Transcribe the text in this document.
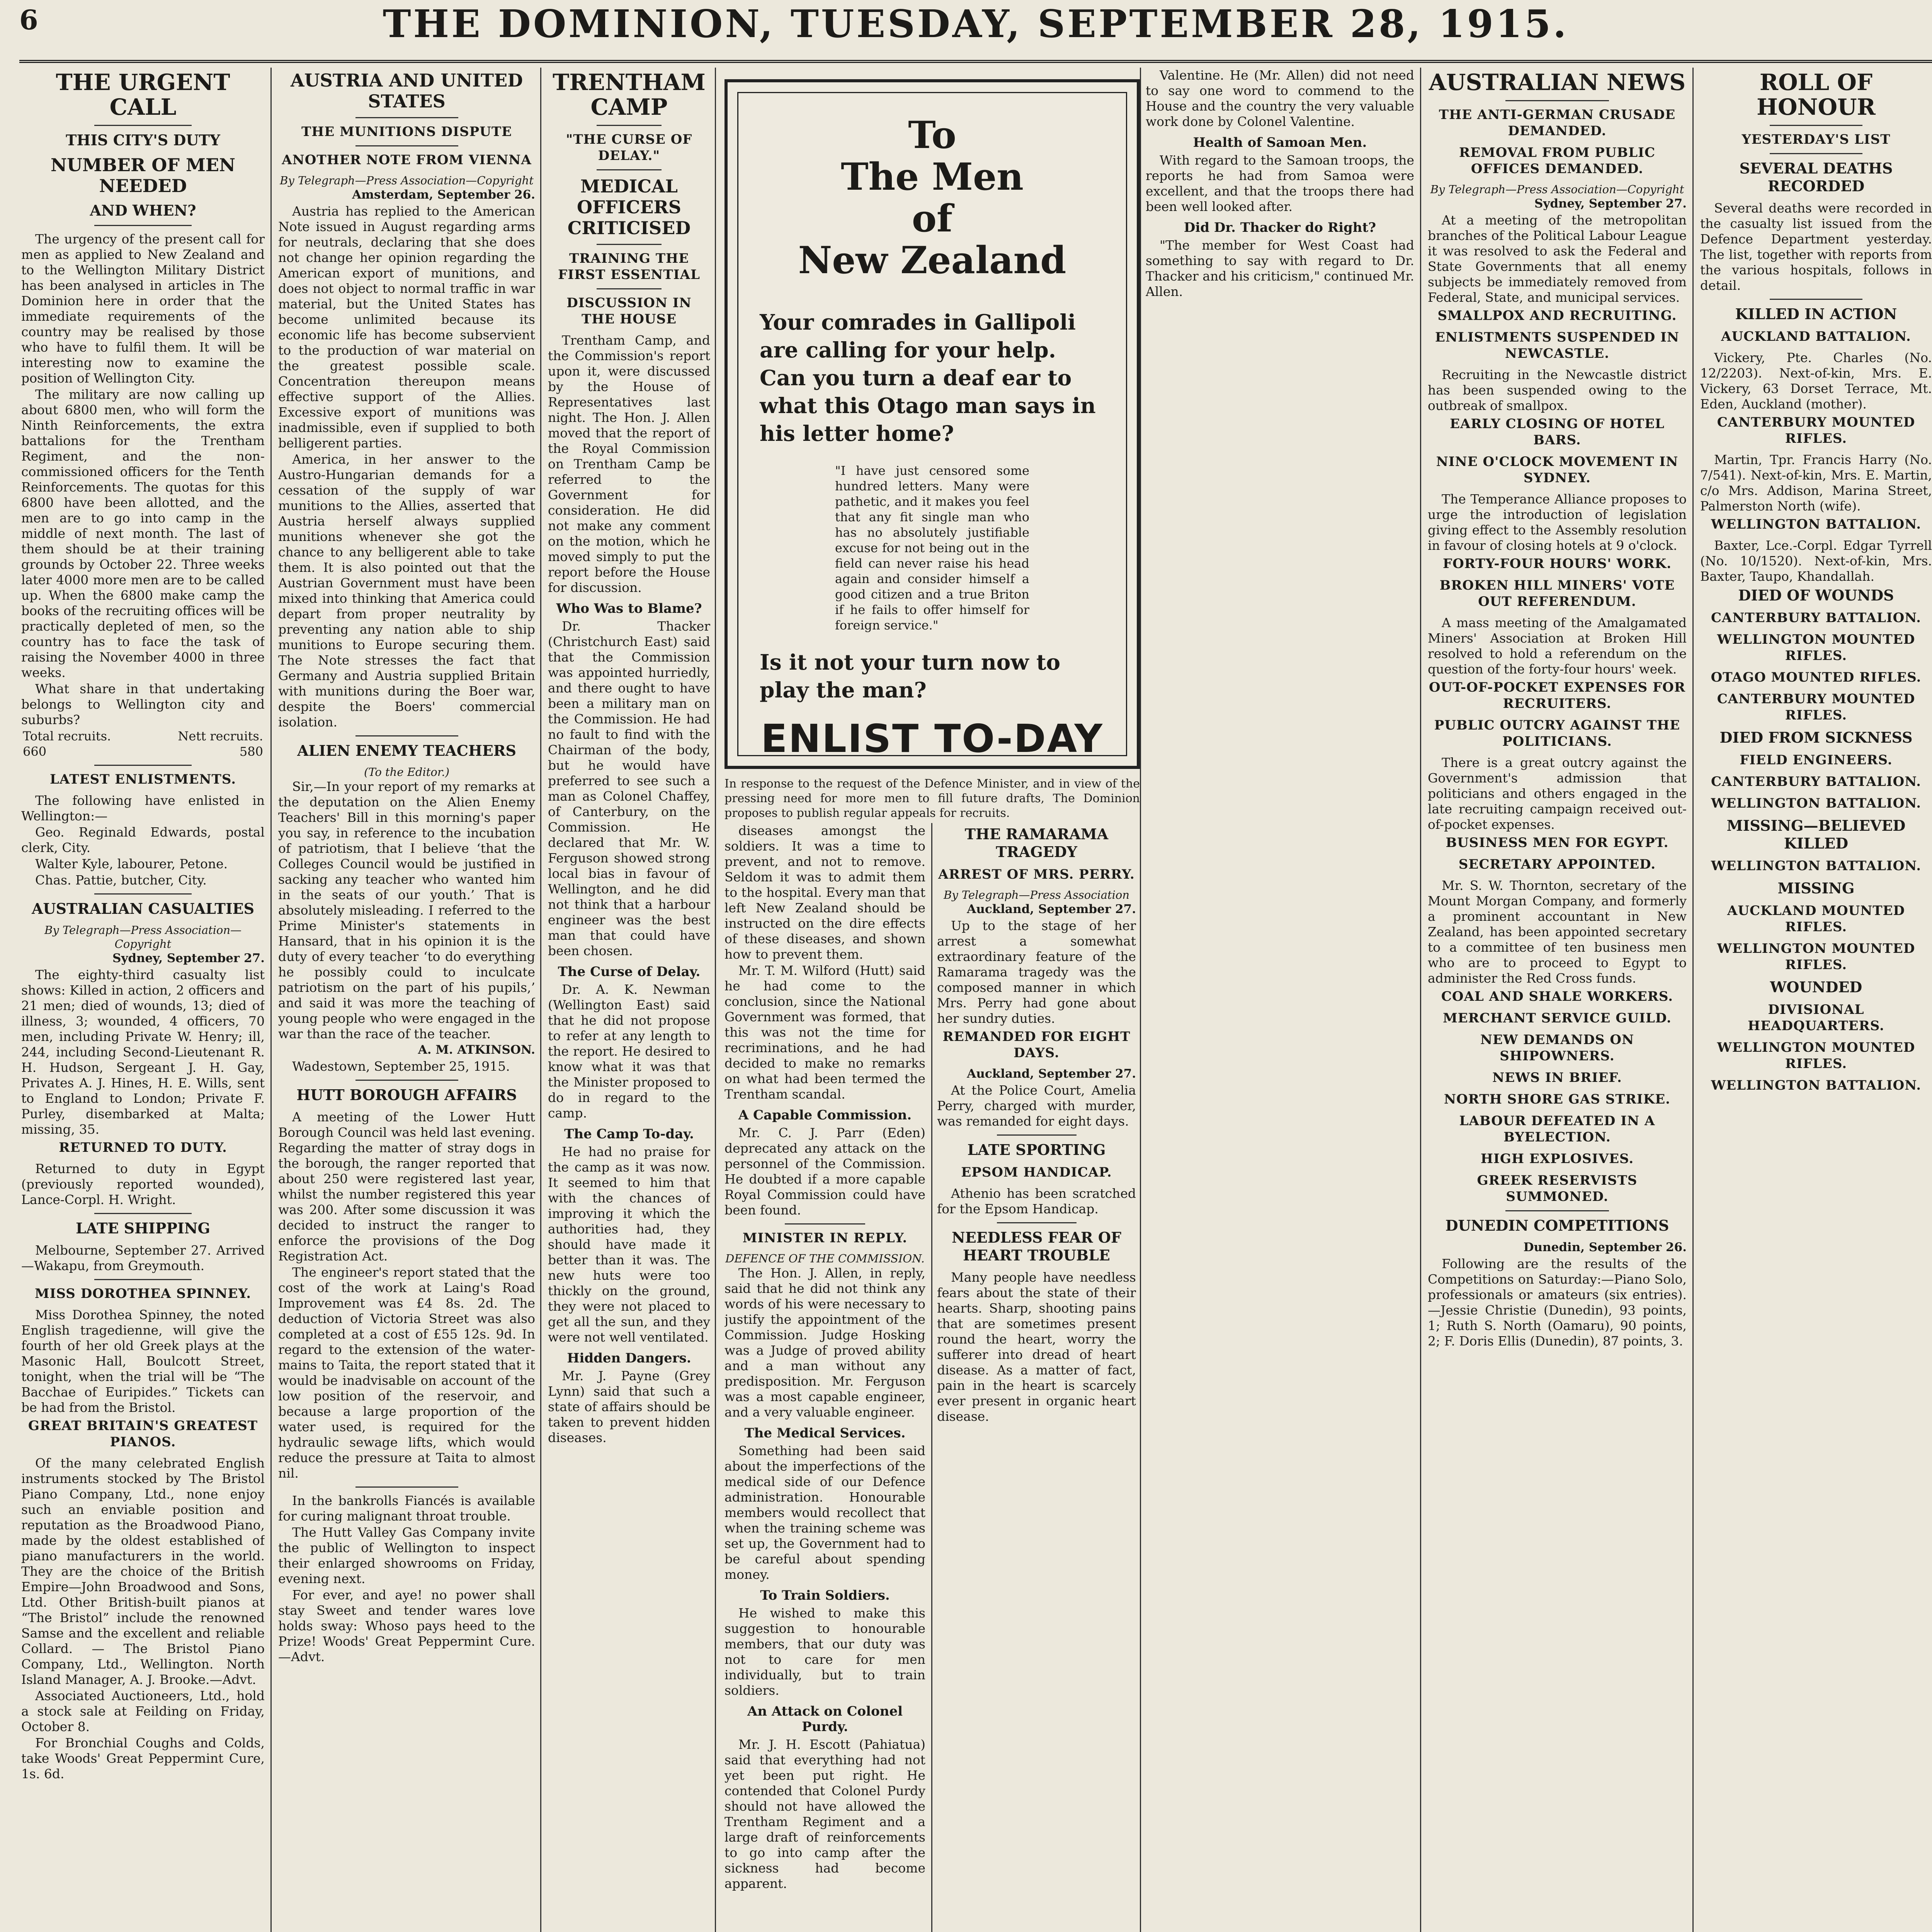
6	THE DOMINION, TUESDAY, SEPTEMBER 28, 1915.
THE URGENT CALL
THIS CITY'S DUTY
NUMBER OF MEN NEEDED
AND WHEN?

The urgency of the present call for men as applied to New Zealand and to the Wellington Military District has been analysed in articles in The Dominion here in order that the immediate requirements of the country may be realised by those who have to fulfil them. It will be interesting now to examine the position of Wellington City.

The military are now calling up about 6800 men, who will form the Ninth Reinforcements, the extra battalions for the Trentham Regiment, and the non-commissioned officers for the Tenth Reinforcements. The quotas for this 6800 have been allotted, and the men are to go into camp in the middle of next month. The last of them should be at their training grounds by October 22. Three weeks later 4000 more men are to be called up. When the 6800 make camp the books of the recruiting offices will be practically depleted of men, so the country has to face the task of raising the November 4000 in three weeks.

What share in that undertaking belongs to Wellington city and suburbs?

Total recruits.	Nett recruits.
660	580
LATEST ENLISTMENTS.

The following have enlisted in Wellington:—

Geo. Reginald Edwards, postal clerk, City.

Walter Kyle, labourer, Petone.

Chas. Pattie, butcher, City.

AUSTRALIAN CASUALTIES
By Telegraph—Press Association—Copyright
Sydney, September 27.

The eighty-third casualty list shows: Killed in action, 2 officers and 21 men; died of wounds, 13; died of illness, 3; wounded, 4 officers, 70 men, including Private W. Henry; ill, 244, including Second-Lieutenant R. H. Hudson, Sergeant J. H. Gay, Privates A. J. Hines, H. E. Wills, sent to England to London; Private F. Purley, disembarked at Malta; missing, 35.

RETURNED TO DUTY.

Returned to duty in Egypt (previously reported wounded), Lance-Corpl. H. Wright.

LATE SHIPPING

Melbourne, September 27. Arrived—Wakapu, from Greymouth.

MISS DOROTHEA SPINNEY.

Miss Dorothea Spinney, the noted English tragedienne, will give the fourth of her old Greek plays at the Masonic Hall, Boulcott Street, tonight, when the trial will be “The Bacchae of Euripides.” Tickets can be had from the Bristol.

GREAT BRITAIN'S GREATEST PIANOS.

Of the many celebrated English instruments stocked by The Bristol Piano Company, Ltd., none enjoy such an enviable position and reputation as the Broadwood Piano, made by the oldest established of piano manufacturers in the world. They are the choice of the British Empire—John Broadwood and Sons, Ltd. Other British-built pianos at “The Bristol” include the renowned Samse and the excellent and reliable Collard. — The Bristol Piano Company, Ltd., Wellington. North Island Manager, A. J. Brooke.—Advt.

Associated Auctioneers, Ltd., hold a stock sale at Feilding on Friday, October 8.

For Bronchial Coughs and Colds, take Woods' Great Peppermint Cure, 1s. 6d.

AUSTRIA AND UNITED STATES
THE MUNITIONS DISPUTE
ANOTHER NOTE FROM VIENNA
By Telegraph—Press Association—Copyright
Amsterdam, September 26.

Austria has replied to the American Note issued in August regarding arms for neutrals, declaring that she does not change her opinion regarding the American export of munitions, and does not object to normal traffic in war material, but the United States has become unlimited because its economic life has become subservient to the production of war material on the greatest possible scale. Concentration thereupon means effective support of the Allies. Excessive export of munitions was inadmissible, even if supplied to both belligerent parties.

America, in her answer to the Austro-Hungarian demands for a cessation of the supply of war munitions to the Allies, asserted that Austria herself always supplied munitions whenever she got the chance to any belligerent able to take them. It is also pointed out that the Austrian Government must have been mixed into thinking that America could depart from proper neutrality by preventing any nation able to ship munitions to Europe securing them. The Note stresses the fact that Germany and Austria supplied Britain with munitions during the Boer war, despite the Boers' commercial isolation.

ALIEN ENEMY TEACHERS
(To the Editor.)

Sir,—In your report of my remarks at the deputation on the Alien Enemy Teachers' Bill in this morning's paper you say, in reference to the incubation of patriotism, that I believe ‘that the Colleges Council would be justified in sacking any teacher who wanted him in the seats of our youth.’ That is absolutely misleading. I referred to the Prime Minister's statements in Hansard, that in his opinion it is the duty of every teacher ‘to do everything he possibly could to inculcate patriotism on the part of his pupils,’ and said it was more the teaching of young people who were engaged in the war than the race of the teacher.

A. M. ATKINSON.

Wadestown, September 25, 1915.

HUTT BOROUGH AFFAIRS

A meeting of the Lower Hutt Borough Council was held last evening. Regarding the matter of stray dogs in the borough, the ranger reported that about 250 were registered last year, whilst the number registered this year was 200. After some discussion it was decided to instruct the ranger to enforce the provisions of the Dog Registration Act.

The engineer's report stated that the cost of the work at Laing's Road Improvement was £4 8s. 2d. The deduction of Victoria Street was also completed at a cost of £55 12s. 9d. In regard to the extension of the water-mains to Taita, the report stated that it would be inadvisable on account of the low position of the reservoir, and because a large proportion of the water used, is required for the hydraulic sewage lifts, which would reduce the pressure at Taita to almost nil.

In the bankrolls Fiancés is available for curing malignant throat trouble.

The Hutt Valley Gas Company invite the public of Wellington to inspect their enlarged showrooms on Friday, evening next.

For ever, and aye! no power shall stay Sweet and tender wares love holds sway: Whoso pays heed to the Prize! Woods' Great Peppermint Cure.—Advt.

TRENTHAM CAMP
"THE CURSE OF DELAY."
MEDICAL OFFICERS CRITICISED
TRAINING THE FIRST ESSENTIAL
DISCUSSION IN THE HOUSE

Trentham Camp, and the Commission's report upon it, were discussed by the House of Representatives last night. The Hon. J. Allen moved that the report of the Royal Commission on Trentham Camp be referred to the Government for consideration. He did not make any comment on the motion, which he moved simply to put the report before the House for discussion.

Who Was to Blame?

Dr. Thacker (Christchurch East) said that the Commission was appointed hurriedly, and there ought to have been a military man on the Commission. He had no fault to find with the Chairman of the body, but he would have preferred to see such a man as Colonel Chaffey, of Canterbury, on the Commission. He declared that Mr. W. Ferguson showed strong local bias in favour of Wellington, and he did not think that a harbour engineer was the best man that could have been chosen.

The Curse of Delay.

Dr. A. K. Newman (Wellington East) said that he did not propose to refer at any length to the report. He desired to know what it was that the Minister proposed to do in regard to the camp.

The Camp To-day.

He had no praise for the camp as it was now. It seemed to him that with the chances of improving it which the authorities had, they should have made it better than it was. The new huts were too thickly on the ground, they were not placed to get all the sun, and they were not well ventilated.

Hidden Dangers.

Mr. J. Payne (Grey Lynn) said that such a state of affairs should be taken to prevent hidden diseases.

To
The Men
of
New Zealand
Your comrades in Gallipoli are calling for your help. Can you turn a deaf ear to what this Otago man says in his letter home?
"I have just censored some hundred letters. Many were pathetic, and it makes you feel that any fit single man who has no absolutely justifiable excuse for not being out in the field can never raise his head again and consider himself a good citizen and a true Briton if he fails to offer himself for foreign service."
Is it not your turn now to play the man?
ENLIST TO-DAY
In response to the request of the Defence Minister, and in view of the pressing need for more men to fill future drafts, The Dominion proposes to publish regular appeals for recruits.

diseases amongst the soldiers. It was a time to prevent, and not to remove. Seldom it was to admit them to the hospital. Every man that left New Zealand should be instructed on the dire effects of these diseases, and shown how to prevent them.

Mr. T. M. Wilford (Hutt) said he had come to the conclusion, since the National Government was formed, that this was not the time for recriminations, and he had decided to make no remarks on what had been termed the Trentham scandal.

A Capable Commission.

Mr. C. J. Parr (Eden) deprecated any attack on the personnel of the Commission. He doubted if a more capable Royal Commission could have been found.

MINISTER IN REPLY.
DEFENCE OF THE COMMISSION.

The Hon. J. Allen, in reply, said that he did not think any words of his were necessary to justify the appointment of the Commission. Judge Hosking was a Judge of proved ability and a man without any predisposition. Mr. Ferguson was a most capable engineer, and a very valuable engineer.

The Medical Services.

Something had been said about the imperfections of the medical side of our Defence administration. Honourable members would recollect that when the training scheme was set up, the Government had to be careful about spending money.

To Train Soldiers.

He wished to make this suggestion to honourable members, that our duty was not to care for men individually, but to train soldiers.

An Attack on Colonel Purdy.

Mr. J. H. Escott (Pahiatua) said that everything had not yet been put right. He contended that Colonel Purdy should not have allowed the Trentham Regiment and a large draft of reinforcements to go into camp after the sickness had become apparent.

Valentine. He (Mr. Allen) did not need to say one word to commend to the House and the country the very valuable work done by Colonel Valentine.

Health of Samoan Men.

With regard to the Samoan troops, the reports he had from Samoa were excellent, and that the troops there had been well looked after.

Did Dr. Thacker do Right?

"The member for West Coast had something to say with regard to Dr. Thacker and his criticism," continued Mr. Allen.

THE RAMARAMA TRAGEDY
ARREST OF MRS. PERRY.
By Telegraph—Press Association
Auckland, September 27.

Up to the stage of her arrest a somewhat extraordinary feature of the Ramarama tragedy was the composed manner in which Mrs. Perry had gone about her sundry duties.

REMANDED FOR EIGHT DAYS.
Auckland, September 27.

At the Police Court, Amelia Perry, charged with murder, was remanded for eight days.

LATE SPORTING
EPSOM HANDICAP.

Athenio has been scratched for the Epsom Handicap.

NEEDLESS FEAR OF HEART TROUBLE

Many people have needless fears about the state of their hearts. Sharp, shooting pains that are sometimes present round the heart, worry the sufferer into dread of heart disease. As a matter of fact, pain in the heart is scarcely ever present in organic heart disease.

AUSTRALIAN NEWS
THE ANTI-GERMAN CRUSADE DEMANDED.
REMOVAL FROM PUBLIC OFFICES DEMANDED.
By Telegraph—Press Association—Copyright
Sydney, September 27.

At a meeting of the metropolitan branches of the Political Labour League it was resolved to ask the Federal and State Governments that all enemy subjects be immediately removed from Federal, State, and municipal services.

SMALLPOX AND RECRUITING.
ENLISTMENTS SUSPENDED IN NEWCASTLE.

Recruiting in the Newcastle district has been suspended owing to the outbreak of smallpox.

EARLY CLOSING OF HOTEL BARS.
NINE O'CLOCK MOVEMENT IN SYDNEY.

The Temperance Alliance proposes to urge the introduction of legislation giving effect to the Assembly resolution in favour of closing hotels at 9 o'clock.

FORTY-FOUR HOURS' WORK.
BROKEN HILL MINERS' VOTE OUT REFERENDUM.

A mass meeting of the Amalgamated Miners' Association at Broken Hill resolved to hold a referendum on the question of the forty-four hours' week.

OUT-OF-POCKET EXPENSES FOR RECRUITERS.
PUBLIC OUTCRY AGAINST THE POLITICIANS.

There is a great outcry against the Government's admission that politicians and others engaged in the late recruiting campaign received out-of-pocket expenses.

BUSINESS MEN FOR EGYPT.
SECRETARY APPOINTED.

Mr. S. W. Thornton, secretary of the Mount Morgan Company, and formerly a prominent accountant in New Zealand, has been appointed secretary to a committee of ten business men who are to proceed to Egypt to administer the Red Cross funds.

COAL AND SHALE WORKERS.
MERCHANT SERVICE GUILD.
NEW DEMANDS ON SHIPOWNERS.
NEWS IN BRIEF.
NORTH SHORE GAS STRIKE.
LABOUR DEFEATED IN A BYELECTION.
HIGH EXPLOSIVES.
GREEK RESERVISTS SUMMONED.
DUNEDIN COMPETITIONS
Dunedin, September 26.

Following are the results of the Competitions on Saturday:—Piano Solo, professionals or amateurs (six entries).—Jessie Christie (Dunedin), 93 points, 1; Ruth S. North (Oamaru), 90 points, 2; F. Doris Ellis (Dunedin), 87 points, 3.

ROLL OF HONOUR
YESTERDAY'S LIST
SEVERAL DEATHS RECORDED

Several deaths were recorded in the casualty list issued from the Defence Department yesterday. The list, together with reports from the various hospitals, follows in detail.

KILLED IN ACTION
AUCKLAND BATTALION.

Vickery, Pte. Charles (No. 12/2203). Next-of-kin, Mrs. E. Vickery, 63 Dorset Terrace, Mt. Eden, Auckland (mother).

CANTERBURY MOUNTED RIFLES.

Martin, Tpr. Francis Harry (No. 7/541). Next-of-kin, Mrs. E. Martin, c/o Mrs. Addison, Marina Street, Palmerston North (wife).

WELLINGTON BATTALION.

Baxter, Lce.-Corpl. Edgar Tyrrell (No. 10/1520). Next-of-kin, Mrs. Baxter, Taupo, Khandallah.

DIED OF WOUNDS
CANTERBURY BATTALION.
WELLINGTON MOUNTED RIFLES.
OTAGO MOUNTED RIFLES.
CANTERBURY MOUNTED RIFLES.
DIED FROM SICKNESS
FIELD ENGINEERS.
CANTERBURY BATTALION.
WELLINGTON BATTALION.
MISSING—BELIEVED KILLED
WELLINGTON BATTALION.
MISSING
AUCKLAND MOUNTED RIFLES.
WELLINGTON MOUNTED RIFLES.
WOUNDED
DIVISIONAL HEADQUARTERS.
WELLINGTON MOUNTED RIFLES.
WELLINGTON BATTALION.
